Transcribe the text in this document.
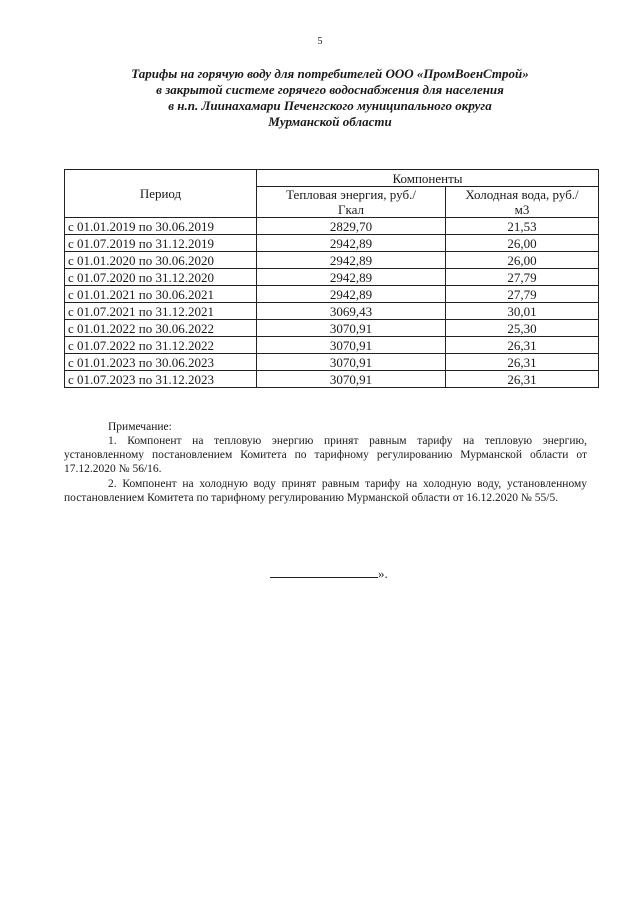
5
Тарифы на горячую воду для потребителей ООО «ПромВоенСтрой»
в закрытой системе горячего водоснабжения для населения
в н.п. Лиинахамари Печенгского муниципального округа
Мурманской области
Период	Компоненты	
	Тепловая энергия, руб./Гкал	Холодная вода, руб./м3
с 01.01.2019 по 30.06.2019	2829,70	21,53
с 01.07.2019 по 31.12.2019	2942,89	26,00
с 01.01.2020 по 30.06.2020	2942,89	26,00
с 01.07.2020 по 31.12.2020	2942,89	27,79
с 01.01.2021 по 30.06.2021	2942,89	27,79
с 01.07.2021 по 31.12.2021	3069,43	30,01
с 01.01.2022 по 30.06.2022	3070,91	25,30
с 01.07.2022 по 31.12.2022	3070,91	26,31
с 01.01.2023 по 30.06.2023	3070,91	26,31
с 01.07.2023 по 31.12.2023	3070,91	26,31
Примечание:

1. Компонент на тепловую энергию принят равным тарифу на тепловую энергию, установленному постановлением Комитета по тарифному регулированию Мурманской области от 17.12.2020 № 56/16.

2. Компонент на холодную воду принят равным тарифу на холодную воду, установленному постановлением Комитета по тарифному регулированию Мурманской области от 16.12.2020 № 55/5.

».
